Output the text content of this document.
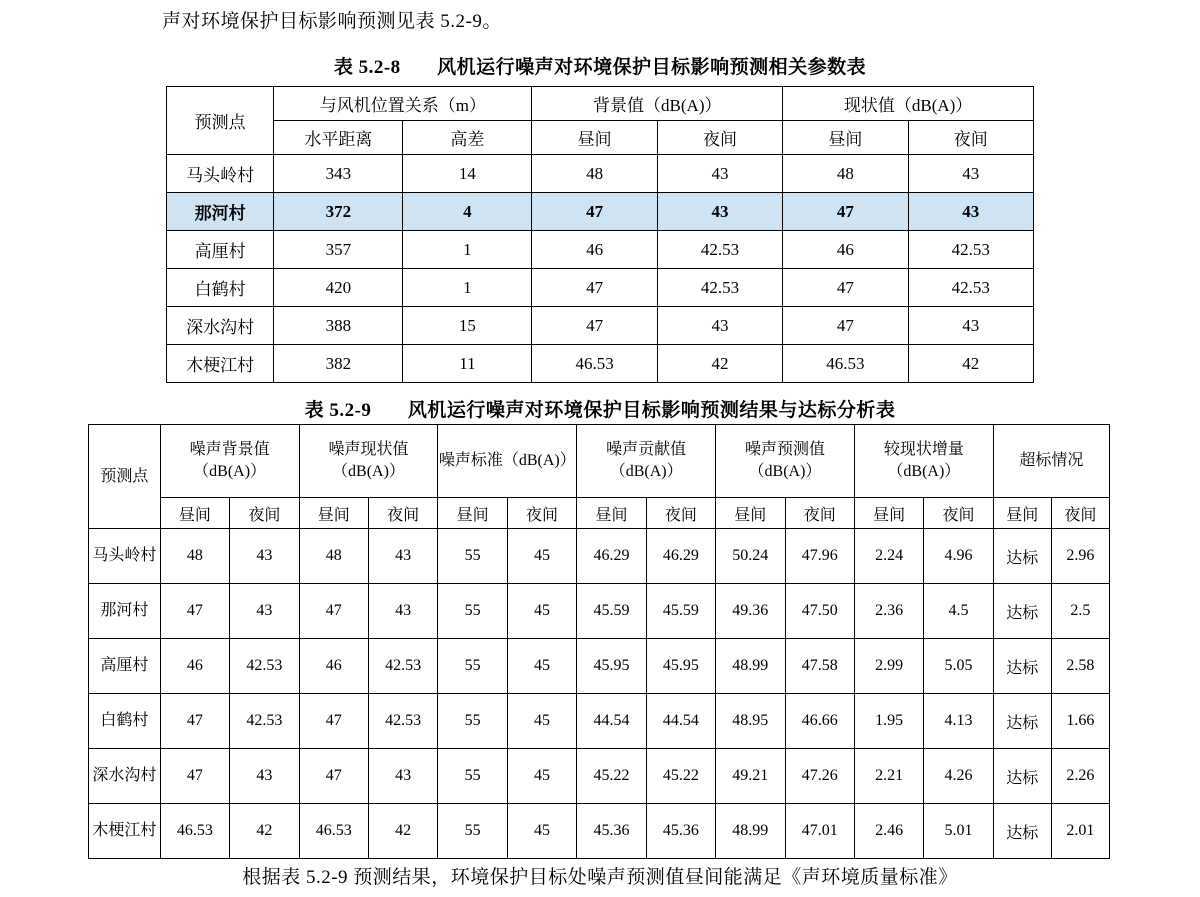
声对环境保护目标影响预测见表 5.2-9。
表 5.2-8 风机运行噪声对环境保护目标影响预测相关参数表
预测点	与风机位置关系（m）		背景值（dB(A)）		现状值（dB(A)）	
	水平距离	高差	昼间	夜间	昼间	夜间
马头岭村	343	14	48	43	48	43
那河村	372	4	47	43	47	43
高厘村	357	1	46	42.53	46	42.53
白鹤村	420	1	47	42.53	47	42.53
深水沟村	388	15	47	43	47	43
木梗江村	382	11	46.53	42	46.53	42
表 5.2-9 风机运行噪声对环境保护目标影响预测结果与达标分析表
预测点	噪声背景值（dB(A)）		噪声现状值（dB(A)）		噪声标准（dB(A)）		噪声贡献值（dB(A)）		噪声预测值（dB(A)）		较现状增量（dB(A)）		超标情况	
	昼间	夜间	昼间	夜间	昼间	夜间	昼间	夜间	昼间	夜间	昼间	夜间	昼间	夜间
马头岭村	48	43	48	43	55	45	46.29	46.29	50.24	47.96	2.24	4.96	达标	2.96
那河村	47	43	47	43	55	45	45.59	45.59	49.36	47.50	2.36	4.5	达标	2.5
高厘村	46	42.53	46	42.53	55	45	45.95	45.95	48.99	47.58	2.99	5.05	达标	2.58
白鹤村	47	42.53	47	42.53	55	45	44.54	44.54	48.95	46.66	1.95	4.13	达标	1.66
深水沟村	47	43	47	43	55	45	45.22	45.22	49.21	47.26	2.21	4.26	达标	2.26
木梗江村	46.53	42	46.53	42	55	45	45.36	45.36	48.99	47.01	2.46	5.01	达标	2.01
根据表 5.2-9 预测结果，环境保护目标处噪声预测值昼间能满足《声环境质量标准》
